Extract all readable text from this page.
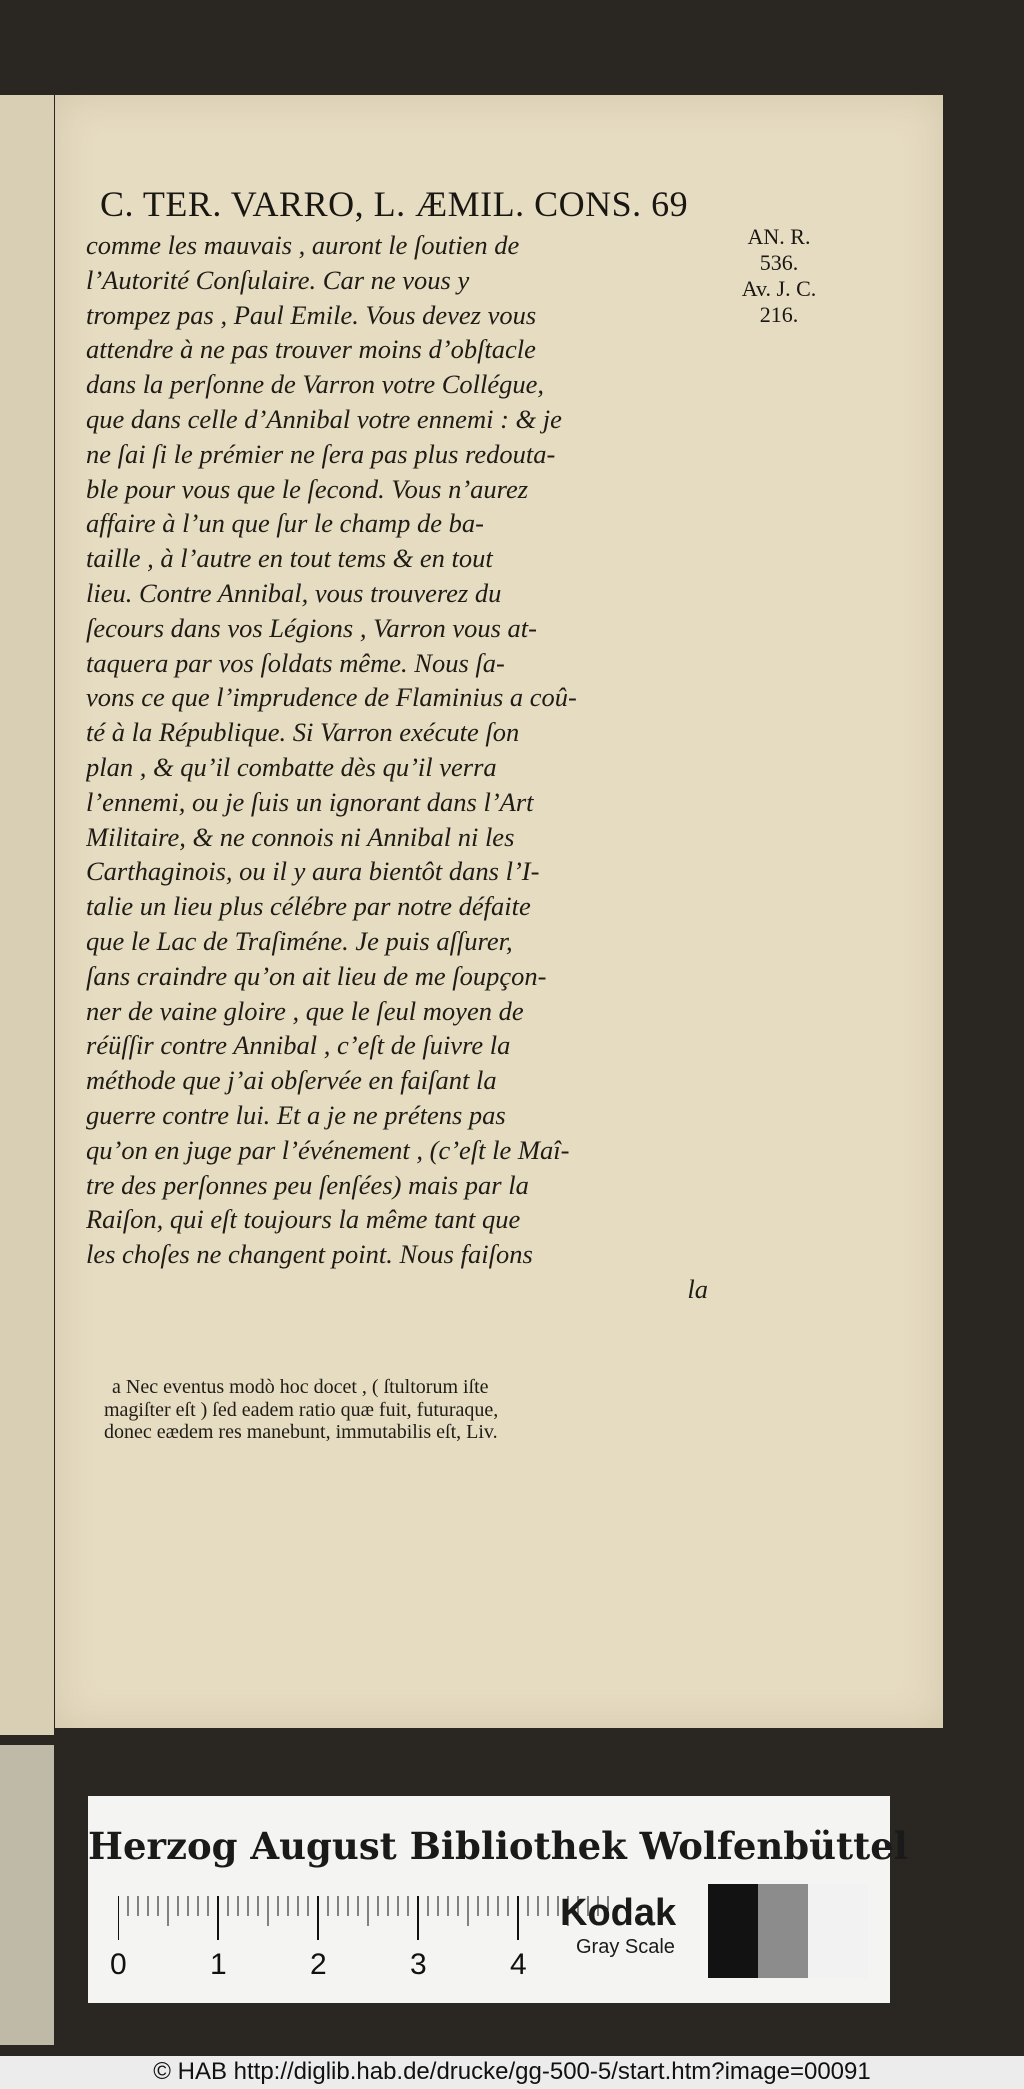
C. TER. VARRO, L. ÆMIL. CONS. 69
AN. R.
536.
Av. J. C.
216.
comme les mauvais , auront le ſoutien de
l’Autorité Conſulaire. Car ne vous y
trompez pas , Paul Emile. Vous devez vous
attendre à ne pas trouver moins d’obſtacle
dans la perſonne de Varron votre Collégue,
que dans celle d’Annibal votre ennemi : & je
ne ſai ſi le prémier ne ſera pas plus redouta-
ble pour vous que le ſecond. Vous n’aurez
affaire à l’un que ſur le champ de ba-
taille , à l’autre en tout tems & en tout
lieu. Contre Annibal, vous trouverez du
ſecours dans vos Légions , Varron vous at-
taquera par vos ſoldats même. Nous ſa-
vons ce que l’imprudence de Flaminius a coû-
té à la République. Si Varron exécute ſon
plan , & qu’il combatte dès qu’il verra
l’ennemi, ou je ſuis un ignorant dans l’Art
Militaire, & ne connois ni Annibal ni les
Carthaginois, ou il y aura bientôt dans l’I-
talie un lieu plus célébre par notre défaite
que le Lac de Traſiméne. Je puis aſſurer,
ſans craindre qu’on ait lieu de me ſoupçon-
ner de vaine gloire , que le ſeul moyen de
réüſſir contre Annibal , c’eſt de ſuivre la
méthode que j’ai obſervée en faiſant la
guerre contre lui. Et a je ne prétens pas
qu’on en juge par l’événement , (c’eſt le Maî-
tre des perſonnes peu ſenſées) mais par la
Raiſon, qui eſt toujours la même tant que
les choſes ne changent point. Nous faiſons
la
a Nec eventus modò hoc docet , ( ſtultorum iſte
magiſter eſt ) ſed eadem ratio quæ fuit, futuraque,
donec eædem res manebunt, immutabilis eſt, Liv.
Herzog August Bibliothek Wolfenbüttel
0	1	2	3	4
Kodak
Gray Scale
© HAB http://diglib.hab.de/drucke/gg-500-5/start.htm?image=00091
